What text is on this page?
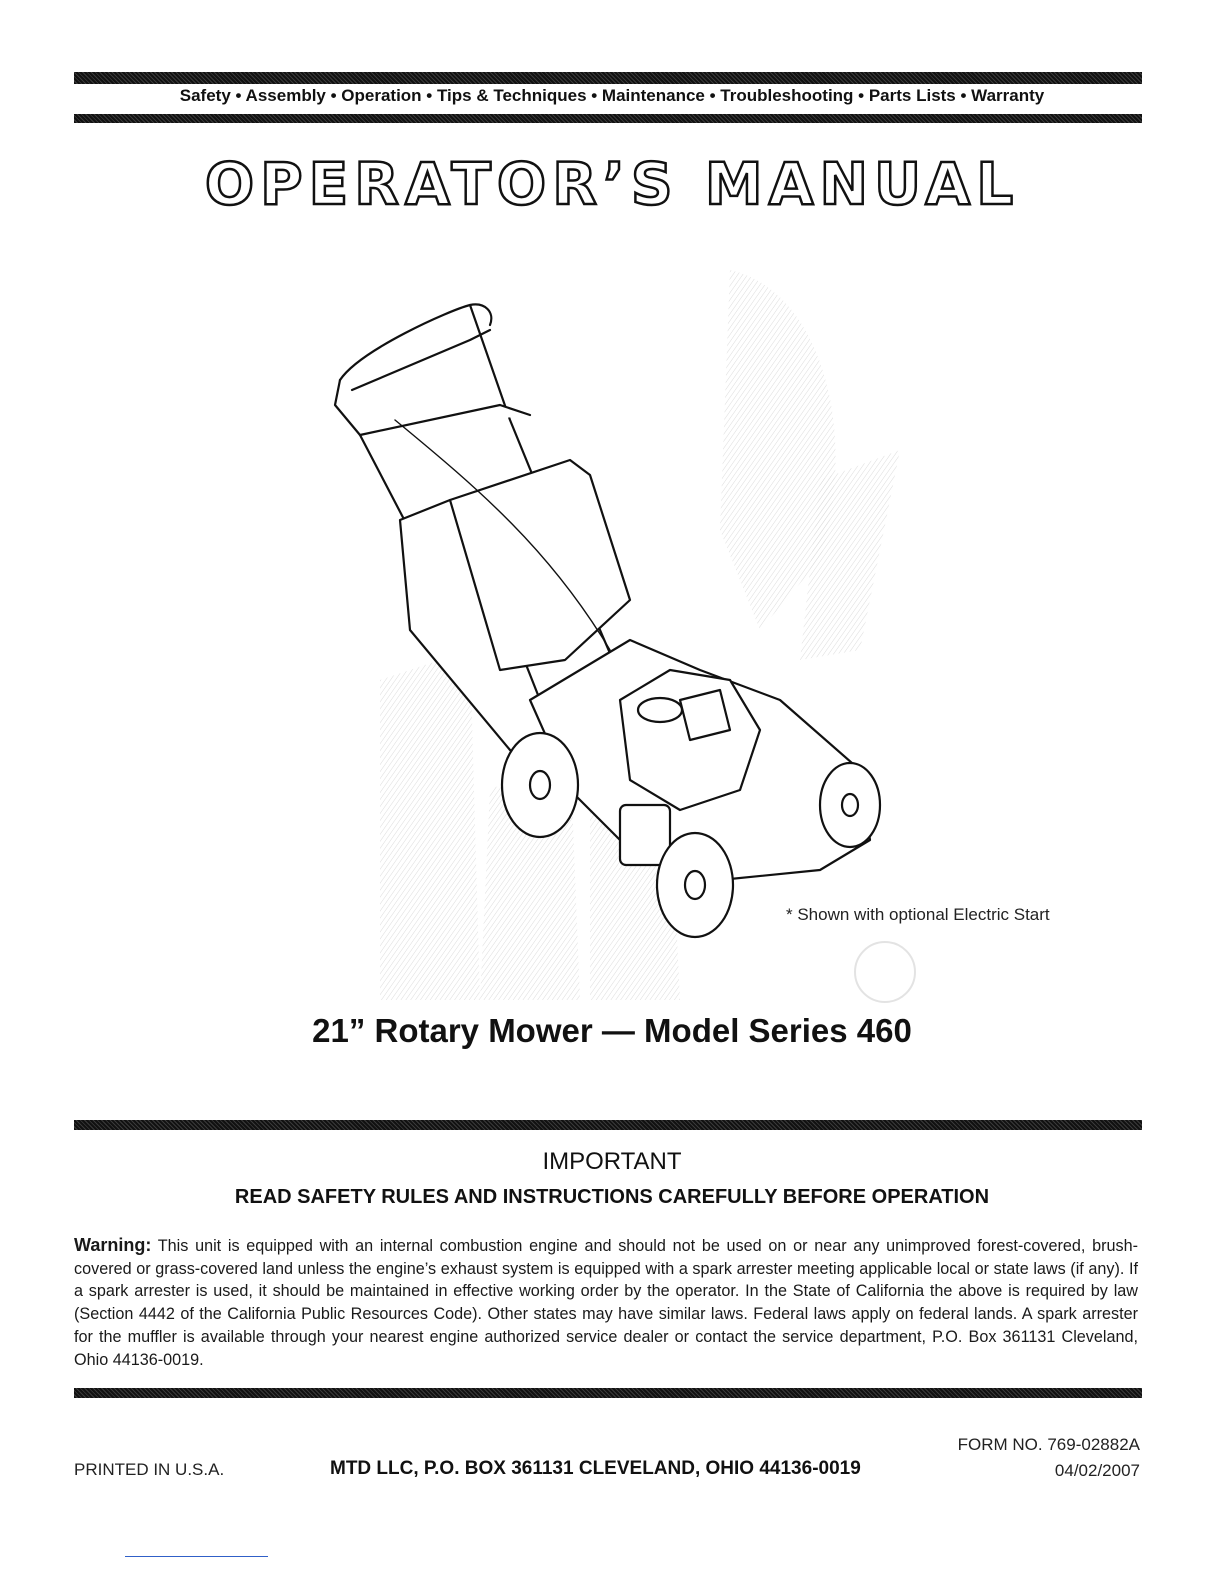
Safety • Assembly • Operation • Tips & Techniques • Maintenance • Troubleshooting • Parts Lists • Warranty
OPERATOR’S MANUAL
* Shown with optional Electric Start
21” Rotary Mower — Model Series 460
IMPORTANT
READ SAFETY RULES AND INSTRUCTIONS CAREFULLY BEFORE OPERATION
Warning: This unit is equipped with an internal combustion engine and should not be used on or near any unimproved forest-covered, brush-covered or grass-covered land unless the engine’s exhaust system is equipped with a spark arrester meeting applicable local or state laws (if any). If a spark arrester is used, it should be maintained in effective working order by the operator. In the State of California the above is required by law (Section 4442 of the California Public Resources Code). Other states may have similar laws. Federal laws apply on federal lands. A spark arrester for the muffler is available through your nearest engine authorized service dealer or contact the service department, P.O. Box 361131 Cleveland, Ohio 44136-0019.
PRINTED IN U.S.A.	MTD LLC, P.O. BOX 361131 CLEVELAND, OHIO 44136-0019
FORM NO. 769-02882A
04/02/2007
